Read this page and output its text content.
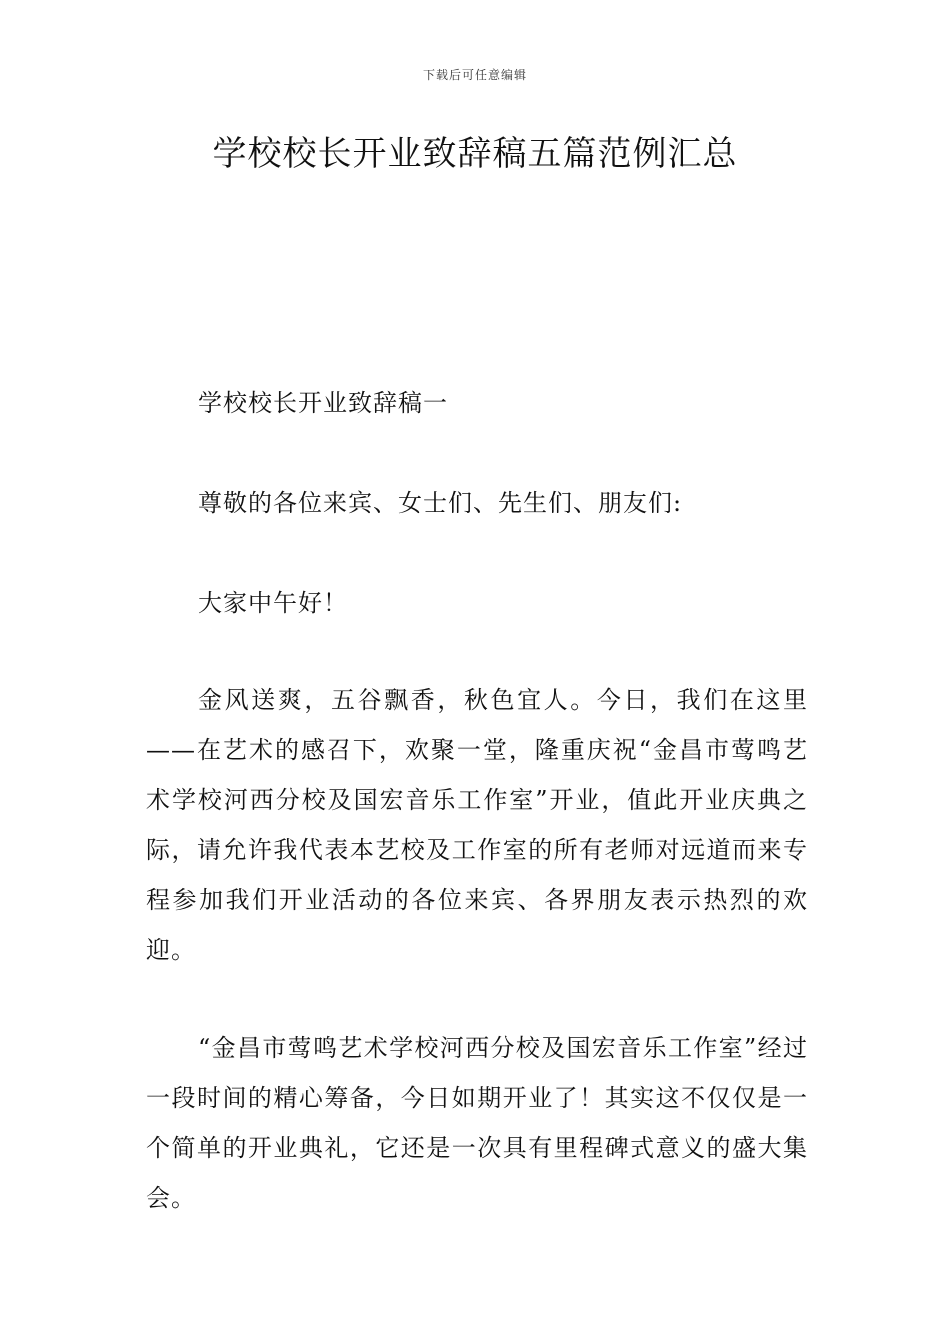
下载后可任意编辑
学校校长开业致辞稿五篇范例汇总

学校校长开业致辞稿一

尊敬的各位来宾、女士们、先生们、朋友们:

大家中午好！

金风送爽，五谷飘香，秋色宜人。今日，我们在这里——在艺术的感召下，欢聚一堂，隆重庆祝“金昌市莺鸣艺术学校河西分校及国宏音乐工作室”开业，值此开业庆典之际，请允许我代表本艺校及工作室的所有老师对远道而来专程参加我们开业活动的各位来宾、各界朋友表示热烈的欢迎。

“金昌市莺鸣艺术学校河西分校及国宏音乐工作室”经过一段时间的精心筹备，今日如期开业了！其实这不仅仅是一个简单的开业典礼，它还是一次具有里程碑式意义的盛大集会。
